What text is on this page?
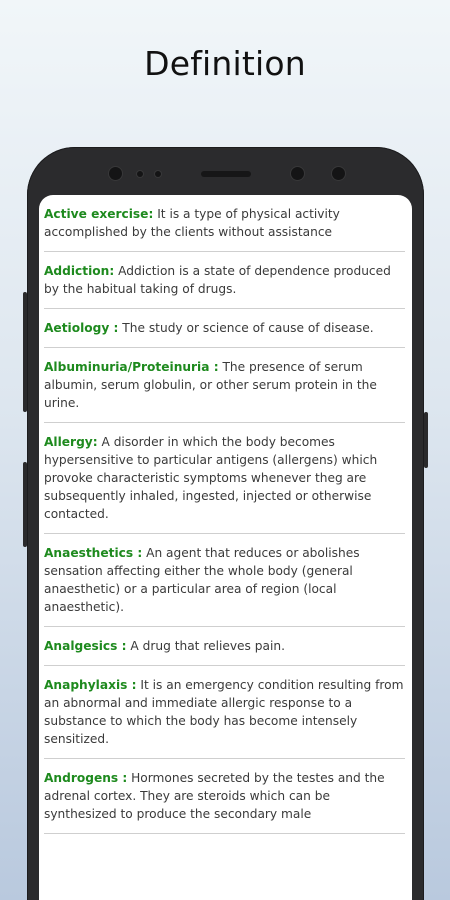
Definition
Active exercise: It is a type of physical activity accomplished by the clients without assistance
Addiction: Addiction is a state of dependence produced by the habitual taking of drugs.
Aetiology : The study or science of cause of disease.
Albuminuria/Proteinuria : The presence of serum albumin, serum globulin, or other serum protein in the urine.
Allergy: A disorder in which the body becomes hypersensitive to particular antigens (allergens) which provoke characteristic symptoms whenever theg are subsequently inhaled, ingested, injected or otherwise contacted.
Anaesthetics : An agent that reduces or abolishes sensation affecting either the whole body (general anaesthetic) or a particular area of region (local anaesthetic).
Analgesics : A drug that relieves pain.
Anaphylaxis : It is an emergency condition resulting from an abnormal and immediate allergic response to a substance to which the body has become intensely sensitized.
Androgens : Hormones secreted by the testes and the adrenal cortex. They are steroids which can be synthesized to produce the secondary male
